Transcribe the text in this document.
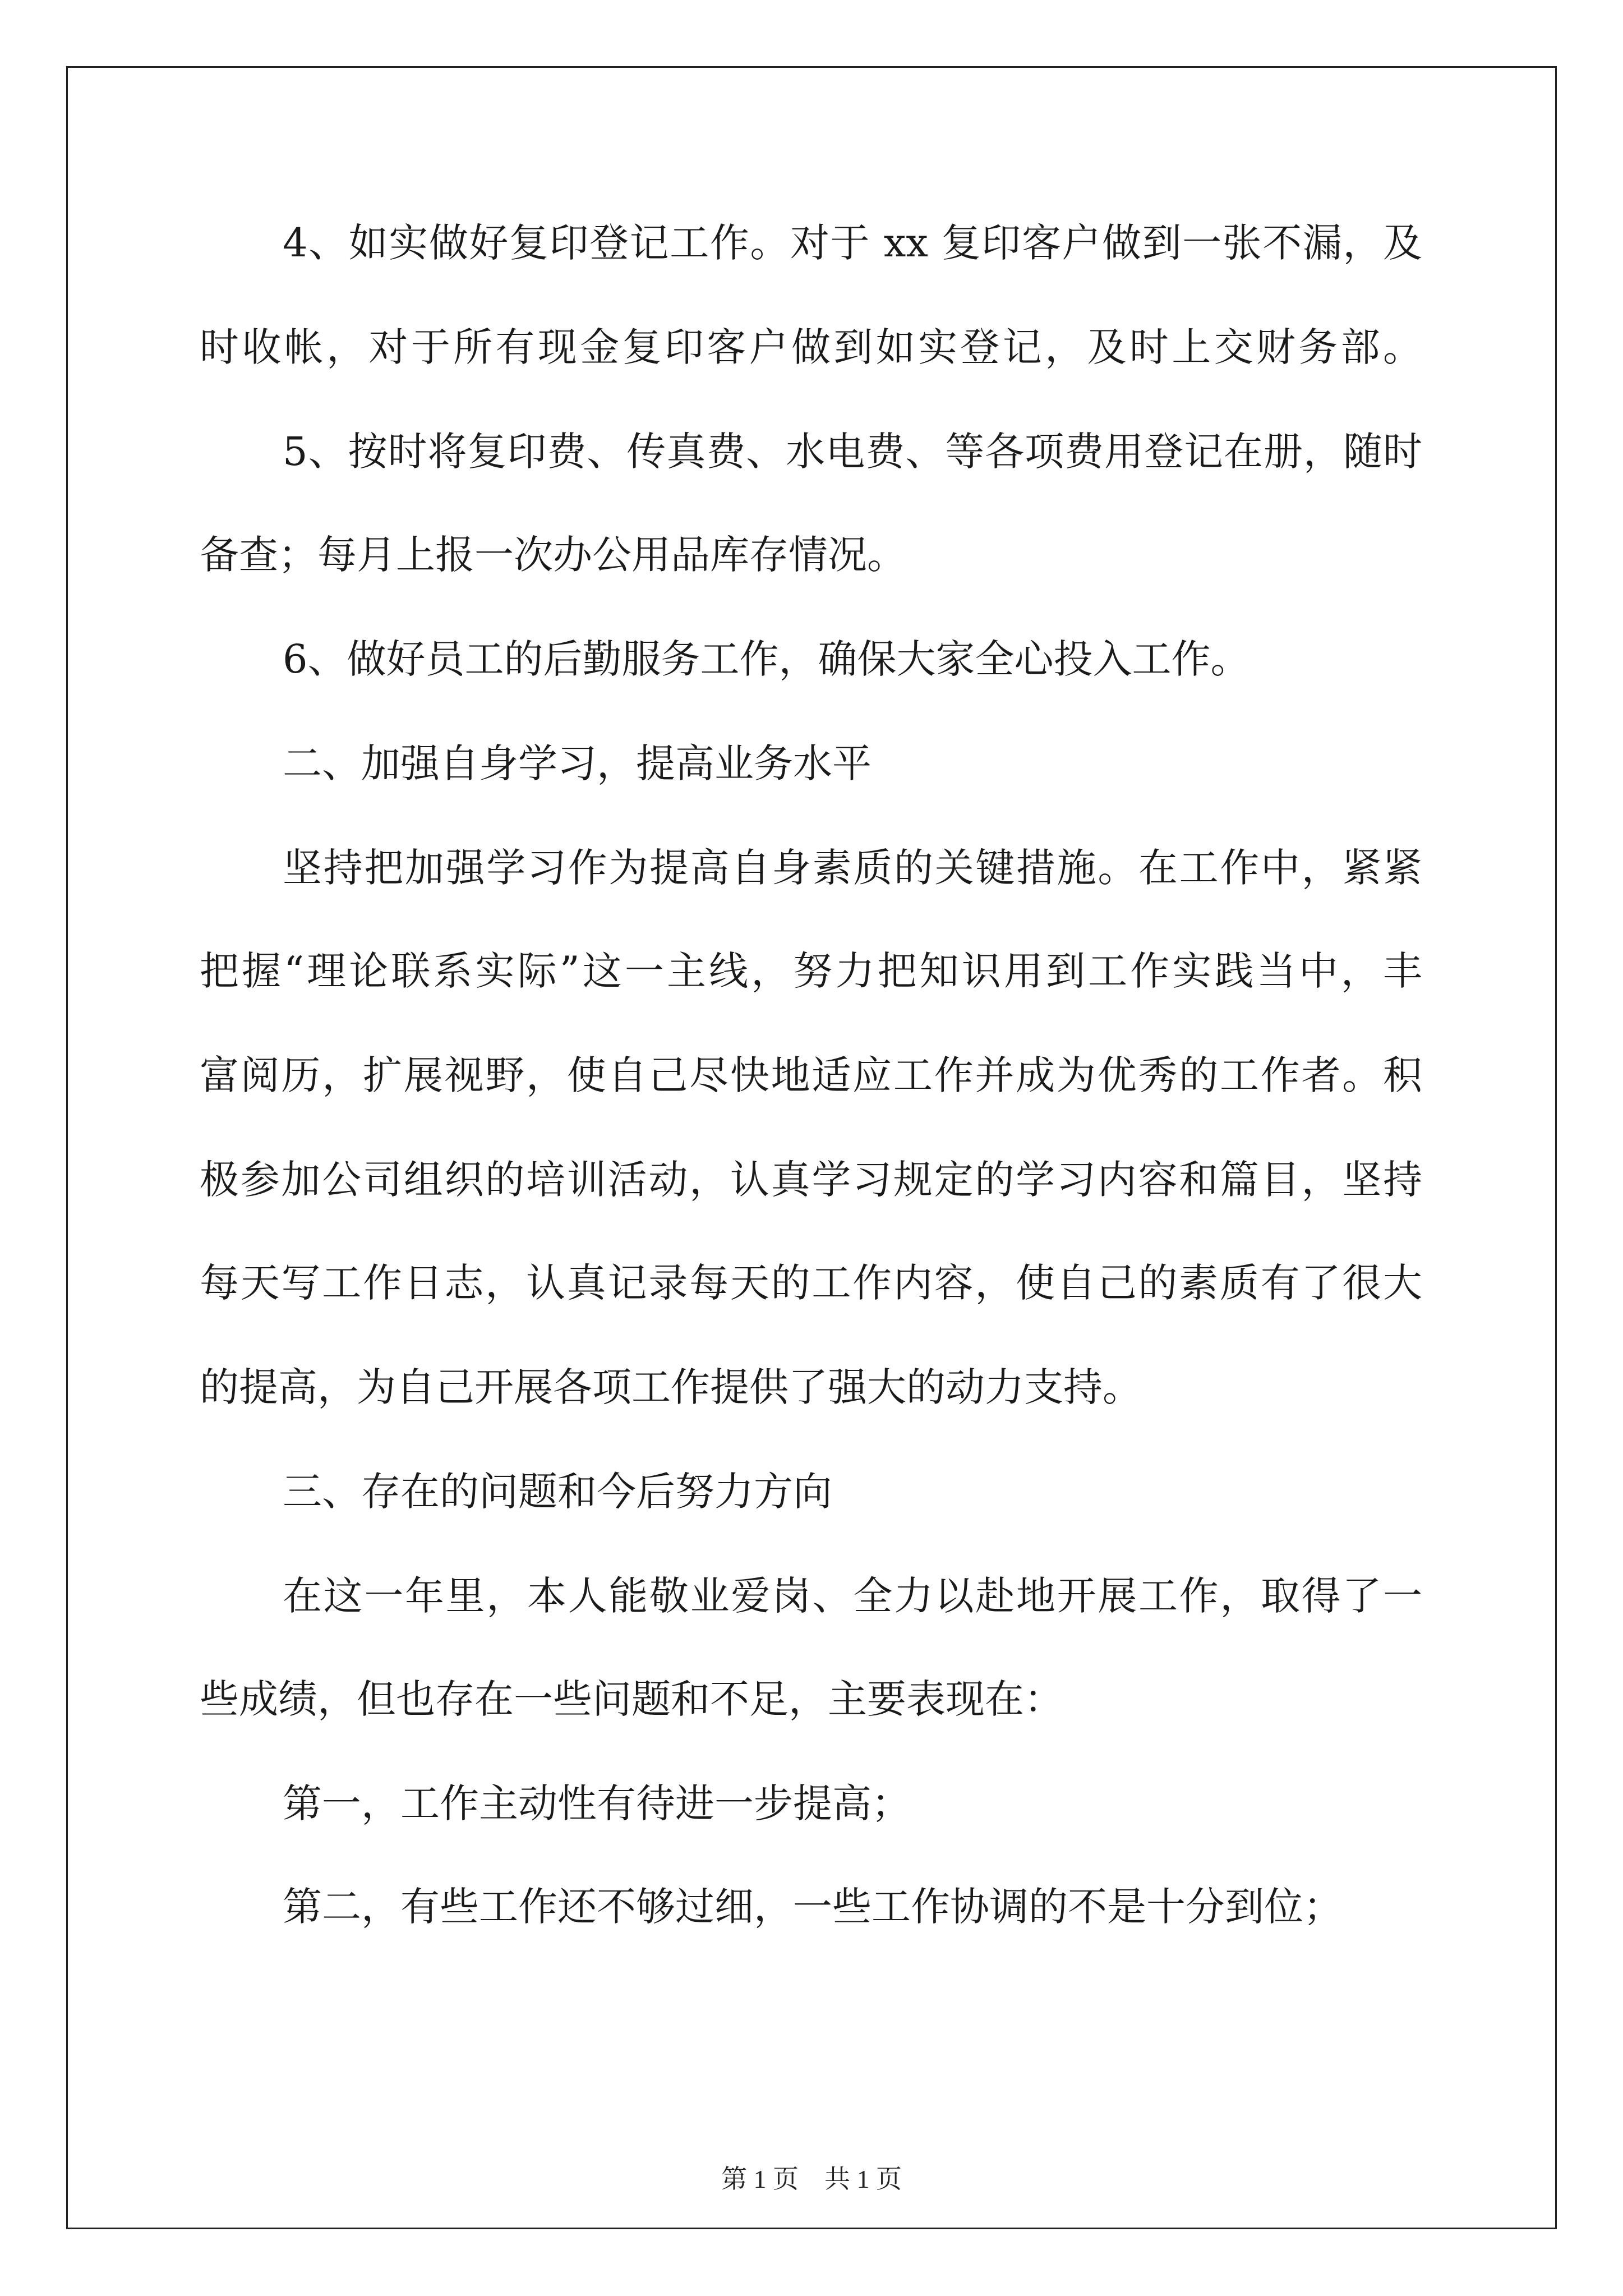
4、如实做好复印登记工作。对于 xx 复印客户做到一张不漏，及
时收帐，对于所有现金复印客户做到如实登记，及时上交财务部。
5、按时将复印费、传真费、水电费、等各项费用登记在册，随时
备查；每月上报一次办公用品库存情况。
6、做好员工的后勤服务工作，确保大家全心投入工作。
二、加强自身学习，提高业务水平
坚持把加强学习作为提高自身素质的关键措施。在工作中，紧紧
把握“理论联系实际”这一主线，努力把知识用到工作实践当中，丰
富阅历，扩展视野，使自己尽快地适应工作并成为优秀的工作者。积
极参加公司组织的培训活动，认真学习规定的学习内容和篇目，坚持
每天写工作日志，认真记录每天的工作内容，使自己的素质有了很大
的提高，为自己开展各项工作提供了强大的动力支持。
三、存在的问题和今后努力方向
在这一年里，本人能敬业爱岗、全力以赴地开展工作，取得了一
些成绩，但也存在一些问题和不足，主要表现在：
第一，工作主动性有待进一步提高；
第二，有些工作还不够过细，一些工作协调的不是十分到位；
第 1 页 共 1 页
